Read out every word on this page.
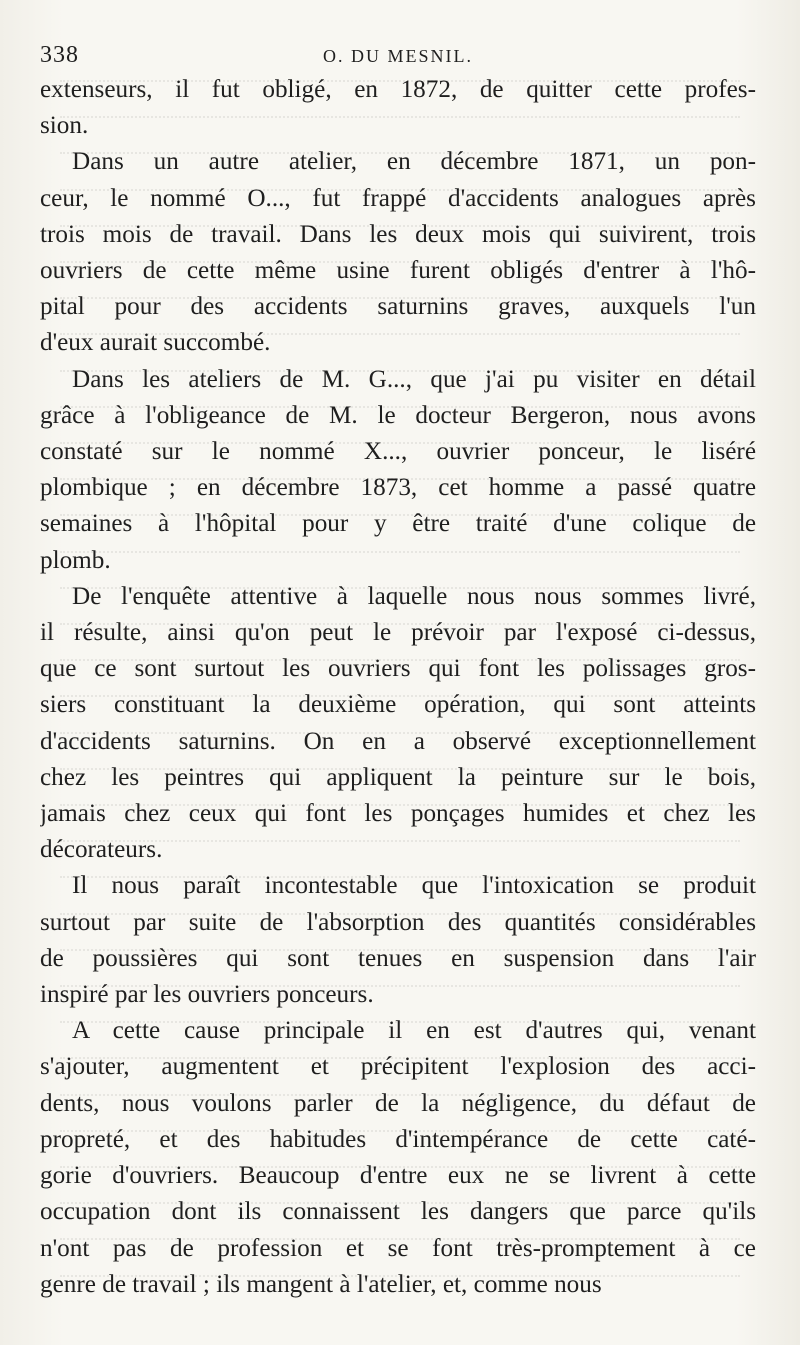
338	O. DU MESNIL.
extenseurs, il fut obligé, en 1872, de quitter cette profes-
sion.
Dans un autre atelier, en décembre 1871, un pon-
ceur, le nommé O..., fut frappé d'accidents analogues après
trois mois de travail. Dans les deux mois qui suivirent, trois
ouvriers de cette même usine furent obligés d'entrer à l'hô-
pital pour des accidents saturnins graves, auxquels l'un
d'eux aurait succombé.
Dans les ateliers de M. G..., que j'ai pu visiter en détail
grâce à l'obligeance de M. le docteur Bergeron, nous avons
constaté sur le nommé X..., ouvrier ponceur, le liséré
plombique ; en décembre 1873, cet homme a passé quatre
semaines à l'hôpital pour y être traité d'une colique de
plomb.
De l'enquête attentive à laquelle nous nous sommes livré,
il résulte, ainsi qu'on peut le prévoir par l'exposé ci-dessus,
que ce sont surtout les ouvriers qui font les polissages gros-
siers constituant la deuxième opération, qui sont atteints
d'accidents saturnins. On en a observé exceptionnellement
chez les peintres qui appliquent la peinture sur le bois,
jamais chez ceux qui font les ponçages humides et chez les
décorateurs.
Il nous paraît incontestable que l'intoxication se produit
surtout par suite de l'absorption des quantités considérables
de poussières qui sont tenues en suspension dans l'air
inspiré par les ouvriers ponceurs.
A cette cause principale il en est d'autres qui, venant
s'ajouter, augmentent et précipitent l'explosion des acci-
dents, nous voulons parler de la négligence, du défaut de
propreté, et des habitudes d'intempérance de cette caté-
gorie d'ouvriers. Beaucoup d'entre eux ne se livrent à cette
occupation dont ils connaissent les dangers que parce qu'ils
n'ont pas de profession et se font très-promptement à ce
genre de travail ; ils mangent à l'atelier, et, comme nous
